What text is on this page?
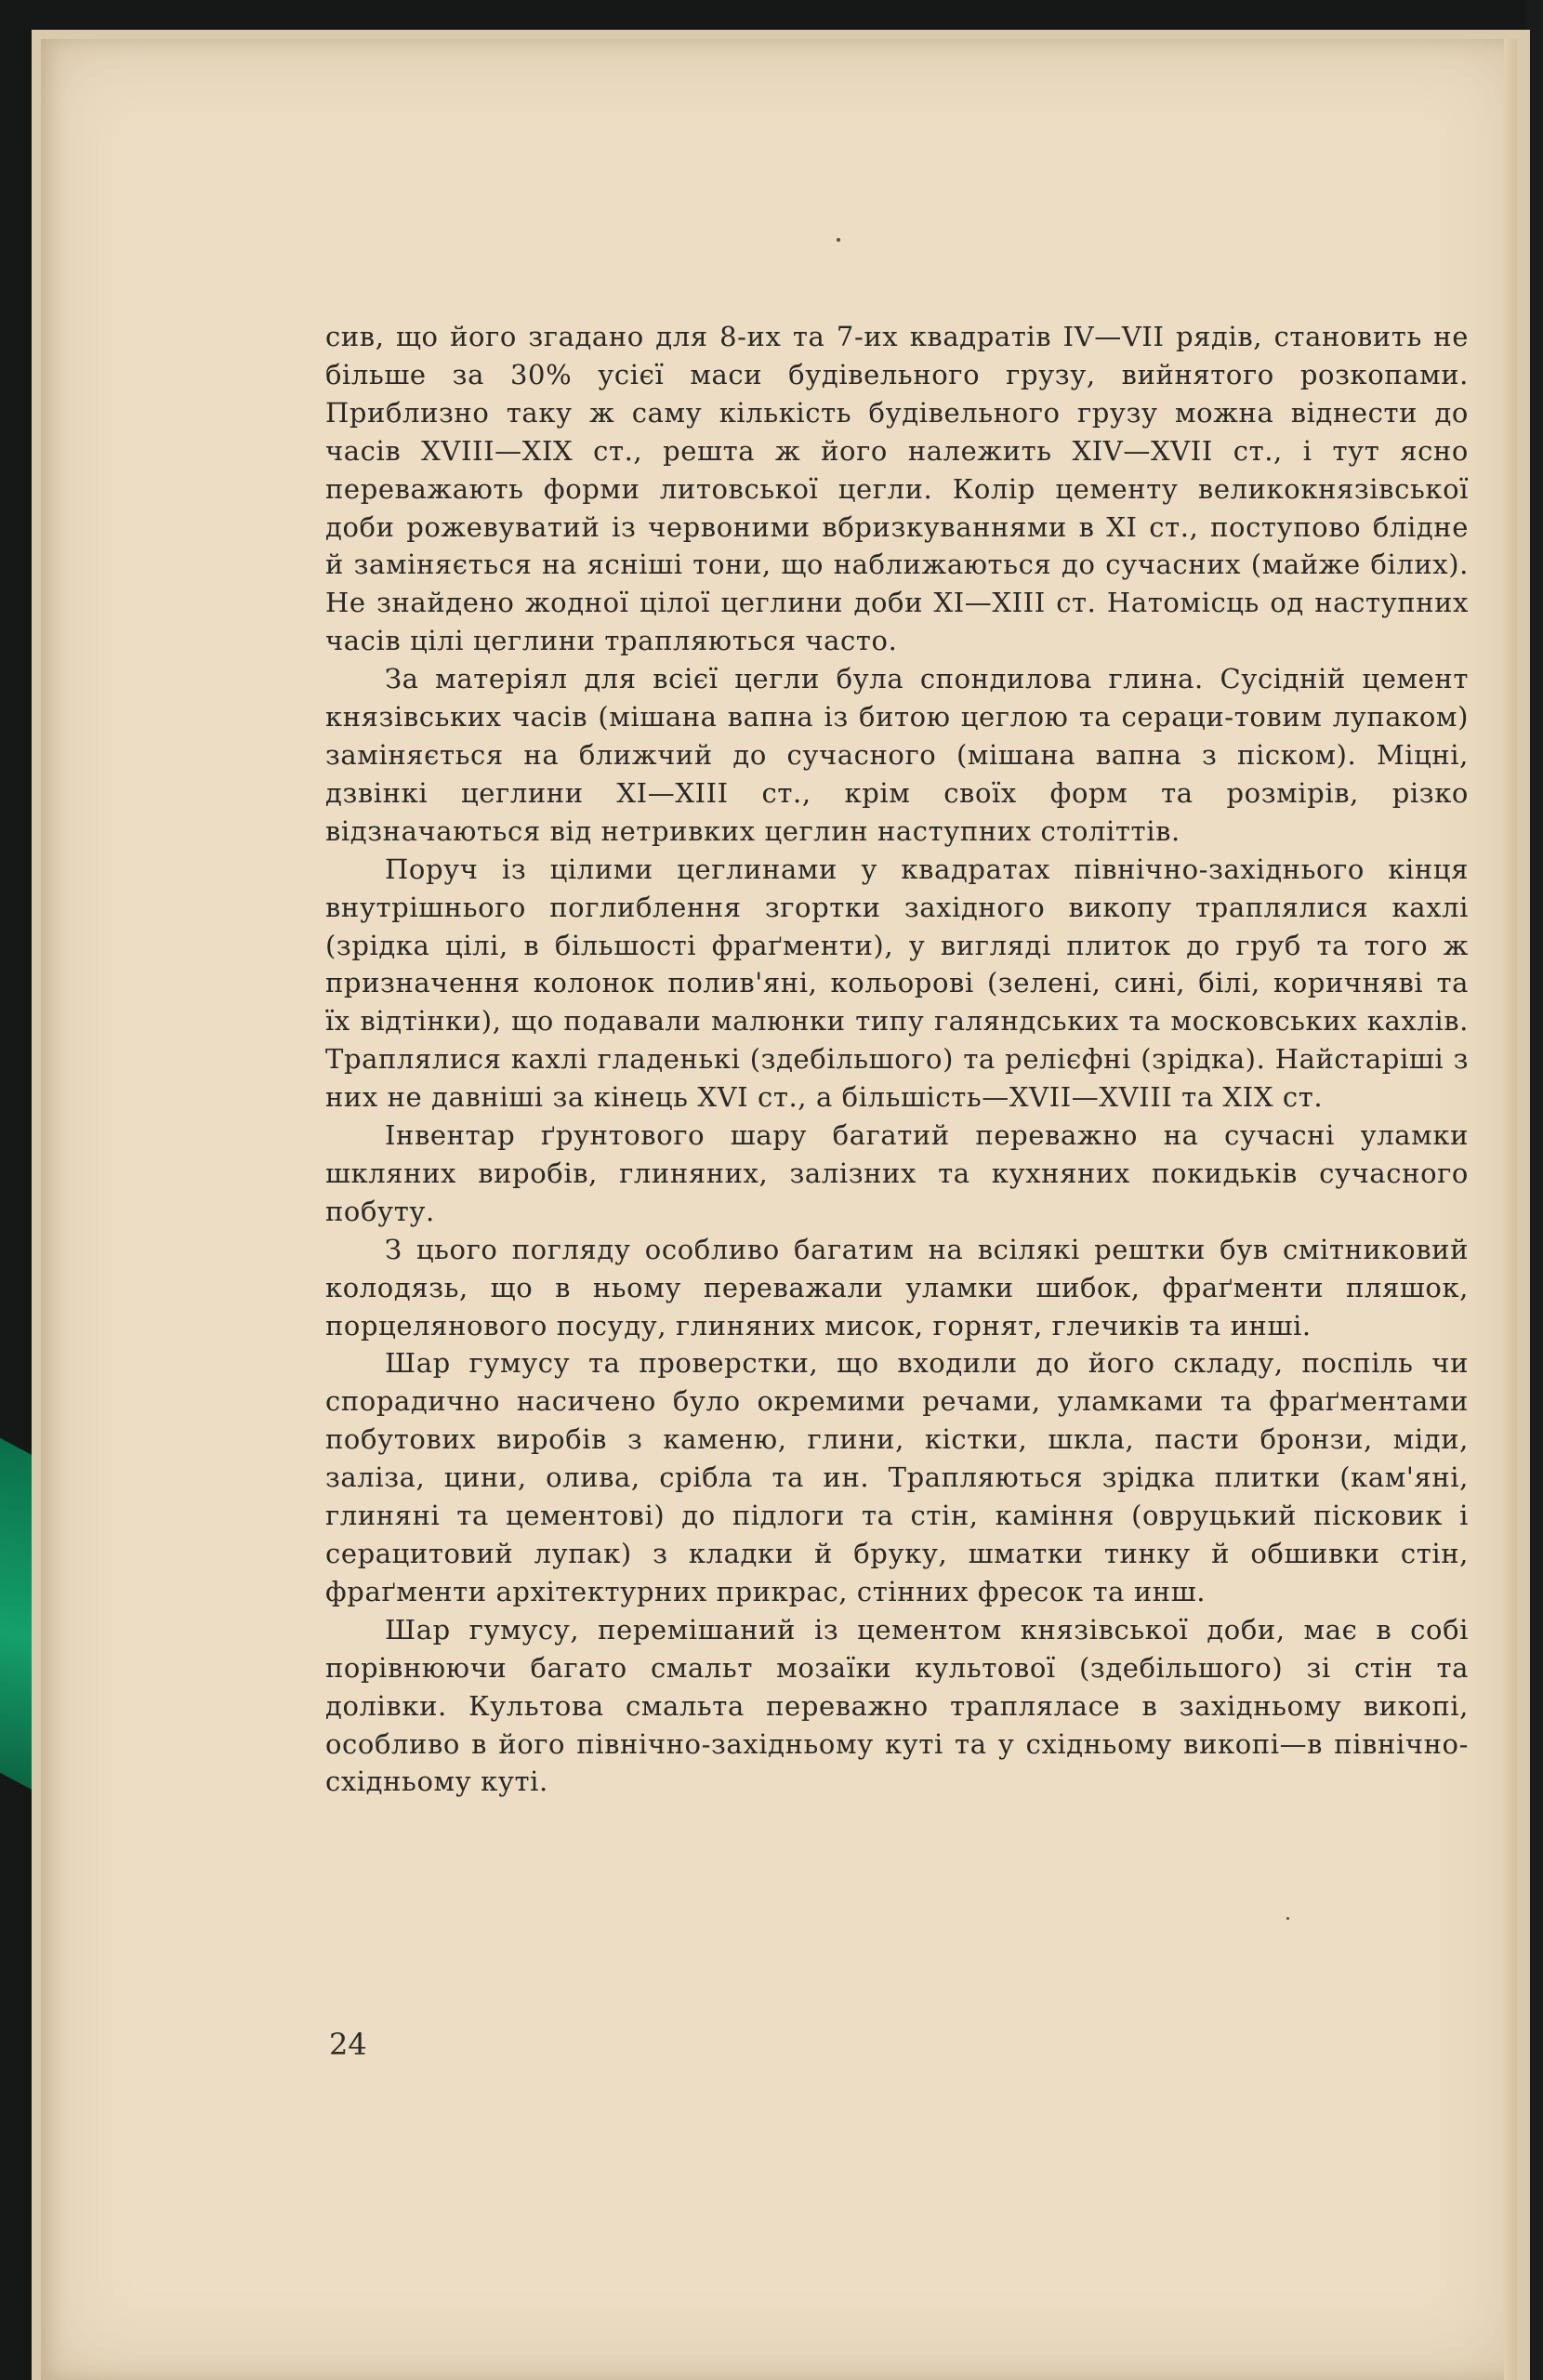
сив, що його згадано для 8-их та 7-их квадратів IV—VII рядів, становить не більше за 30% усієї маси будівельного грузу, вийнятого розкопами. Приблизно таку ж саму кількість будівельного грузу можна віднести до часів XVIII—XIX ст., решта ж його належить XIV—XVII ст., і тут ясно переважають форми литовської цегли. Колір цементу великокнязівської доби рожевуватий із червоними вбризкуваннями в XI ст., поступово блідне й заміняється на ясніші тони, що наближаються до сучасних (майже білих). Не знайдено жодної цілої цеглини доби XI—XIII ст. Натомісць од наступних часів цілі цеглини трапляються часто.

За матеріял для всієї цегли була спондилова глина. Сусідній цемент князівських часів (мішана вапна із битою цеглою та сераци-товим лупаком) заміняється на ближчий до сучасного (мішана вапна з піском). Міцні, дзвінкі цеглини XI—XIII ст., крім своїх форм та розмірів, різко відзначаються від нетривких цеглин наступних століттів.

Поруч із цілими цеглинами у квадратах північно-західнього кінця внутрішнього поглиблення згортки західного викопу траплялися кахлі (зрідка цілі, в більшості фраґменти), у вигляді плиток до груб та того ж призначення колонок полив'яні, кольорові (зелені, сині, білі, коричняві та їх відтінки), що подавали малюнки типу галяндських та московських кахлів. Траплялися кахлі гладенькі (здебільшого) та релієфні (зрідка). Найстаріші з них не давніші за кінець XVI ст., а більшість—XVII—XVIII та XIX ст.

Інвентар ґрунтового шару багатий переважно на сучасні уламки шкляних виробів, глиняних, залізних та кухняних покидьків сучасного побуту.

З цього погляду особливо багатим на всілякі рештки був смітниковий колодязь, що в ньому переважали уламки шибок, фраґменти пляшок, порцелянового посуду, глиняних мисок, горнят, глечиків та инші.

Шар гумусу та проверстки, що входили до його складу, поспіль чи спорадично насичено було окремими речами, уламками та фраґментами побутових виробів з каменю, глини, кістки, шкла, пасти бронзи, міди, заліза, цини, олива, срібла та ин. Трапляються зрідка плитки (кам'яні, глиняні та цементові) до підлоги та стін, каміння (овруцький пісковик і серацитовий лупак) з кладки й бруку, шматки тинку й обшивки стін, фраґменти архітектурних прикрас, стінних фресок та инш.

Шар гумусу, перемішаний із цементом князівської доби, має в собі порівнюючи багато смальт мозаїки культової (здебільшого) зі стін та долівки. Культова смальта переважно трапляласе в західньому викопі, особливо в його північно-західньому куті та у східньому викопі—в північно-східньому куті.

24
